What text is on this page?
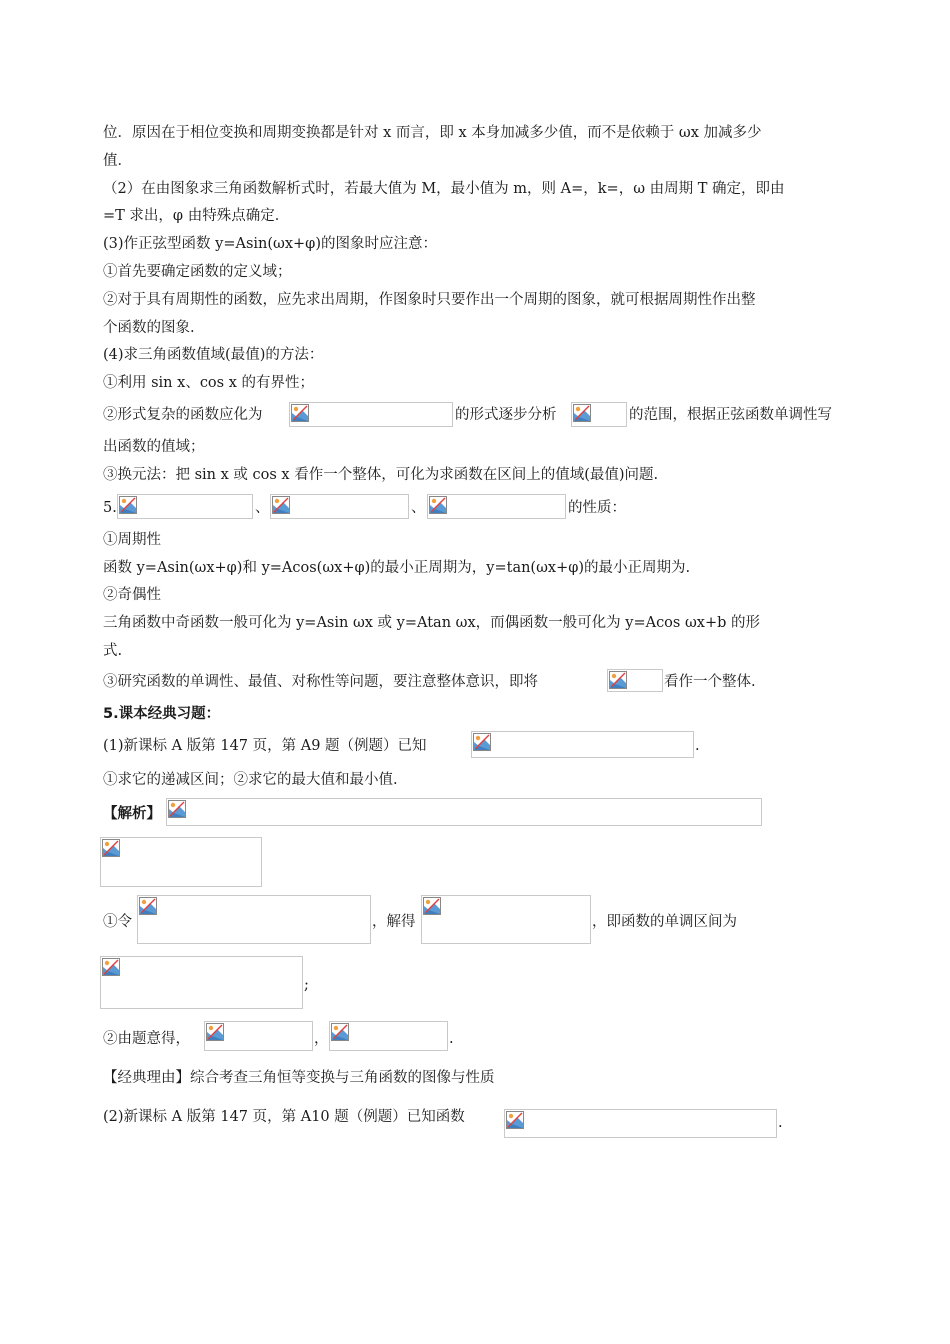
位．原因在于相位变换和周期变换都是针对 x 而言，即 x 本身加减多少值，而不是依赖于 ωx 加减多少
值．
（2）在由图象求三角函数解析式时，若最大值为 M，最小值为 m，则 A=，k=，ω 由周期 T 确定，即由
=T 求出，φ 由特殊点确定．
(3)作正弦型函数 y=Asin(ωx+φ)的图象时应注意：
①首先要确定函数的定义域；
②对于具有周期性的函数，应先求出周期，作图象时只要作出一个周期的图象，就可根据周期性作出整
个函数的图象.
(4)求三角函数值域(最值)的方法：
①利用 sin x、cos x 的有界性；
②形式复杂的函数应化为	的形式逐步分析	的范围，根据正弦函数单调性写
出函数的值域；
③换元法：把 sin x 或 cos x 看作一个整体，可化为求函数在区间上的值域(最值)问题.
5.	、	、	的性质：
①周期性
函数 y=Asin(ωx+φ)和 y=Acos(ωx+φ)的最小正周期为，y=tan(ωx+φ)的最小正周期为.
②奇偶性
三角函数中奇函数一般可化为 y=Asin ωx 或 y=Atan ωx，而偶函数一般可化为 y=Acos ωx+b 的形
式.
③研究函数的单调性、最值、对称性等问题，要注意整体意识，即将	看作一个整体.
5.课本经典习题：
(1)新课标 A 版第 147 页，第 A9 题（例题）已知	.
①求它的递减区间；②求它的最大值和最小值.
【解析】
①令	，解得	，即函数的单调区间为
;
②由题意得，	，	.
【经典理由】综合考查三角恒等变换与三角函数的图像与性质
(2)新课标 A 版第 147 页，第 A10 题（例题）已知函数	.
